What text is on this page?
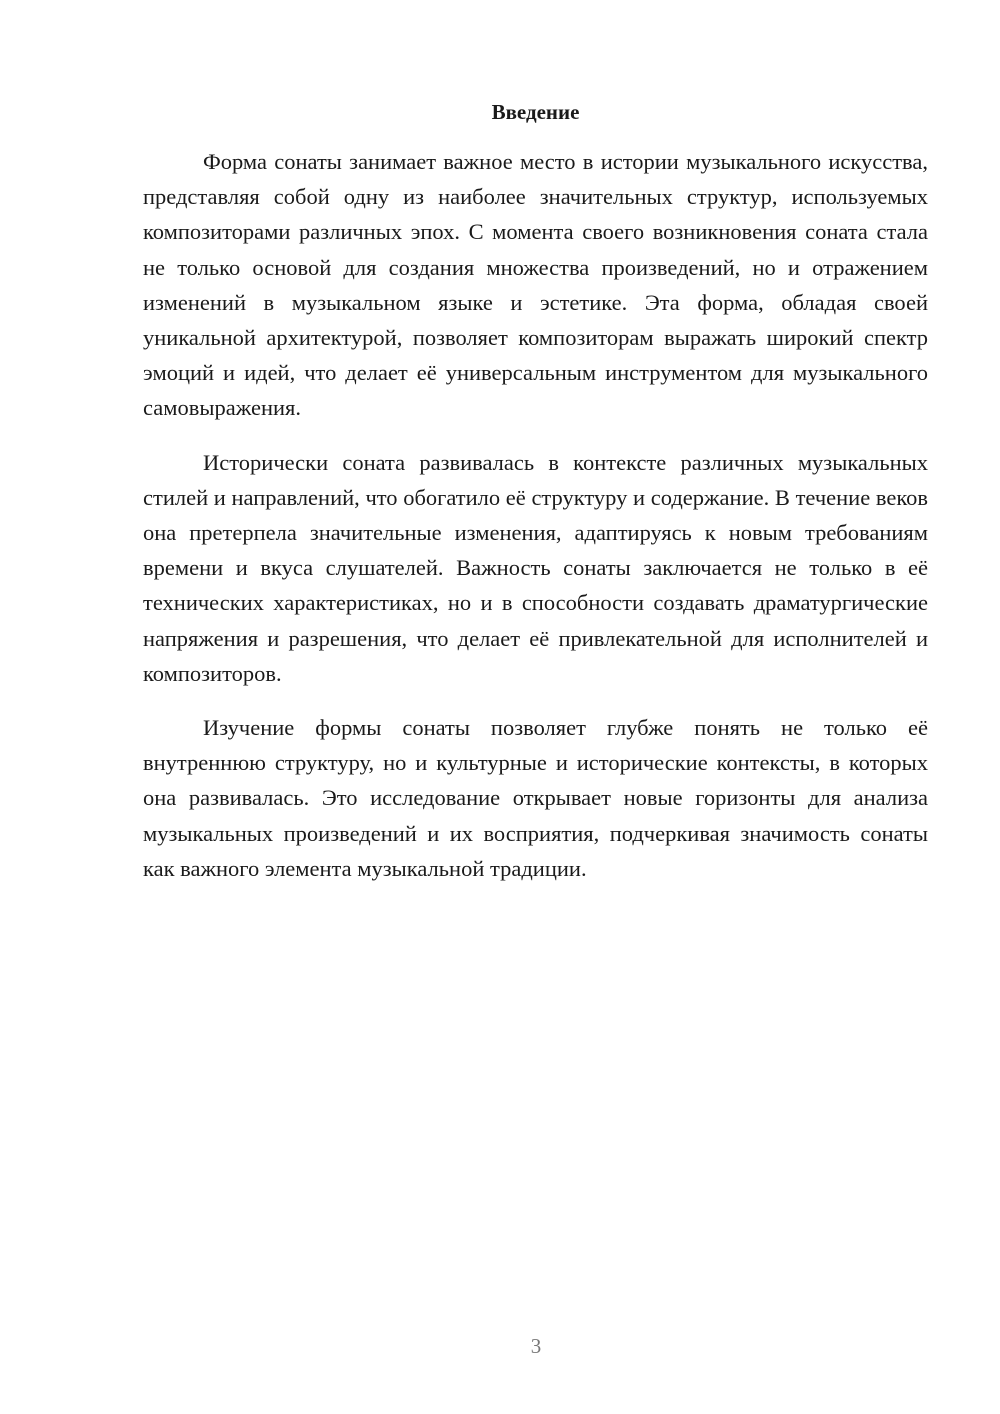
Введение

Форма сонаты занимает важное место в истории музыкального искусства, представляя собой одну из наиболее значительных структур, используемых композиторами различных эпох. С момента своего возникновения соната стала не только основой для создания множества произведений, но и отражением изменений в музыкальном языке и эстетике. Эта форма, обладая своей уникальной архитектурой, позволяет композиторам выражать широкий спектр эмоций и идей, что делает её универсальным инструментом для музыкального самовыражения.

Исторически соната развивалась в контексте различных музыкальных стилей и направлений, что обогатило её структуру и содержание. В течение веков она претерпела значительные изменения, адаптируясь к новым требованиям времени и вкуса слушателей. Важность сонаты заключается не только в её технических характеристиках, но и в способности создавать драматургические напряжения и разрешения, что делает её привлекательной для исполнителей и композиторов.

Изучение формы сонаты позволяет глубже понять не только её внутреннюю структуру, но и культурные и исторические контексты, в которых она развивалась. Это исследование открывает новые горизонты для анализа музыкальных произведений и их восприятия, подчеркивая значимость сонаты как важного элемента музыкальной традиции.

3
